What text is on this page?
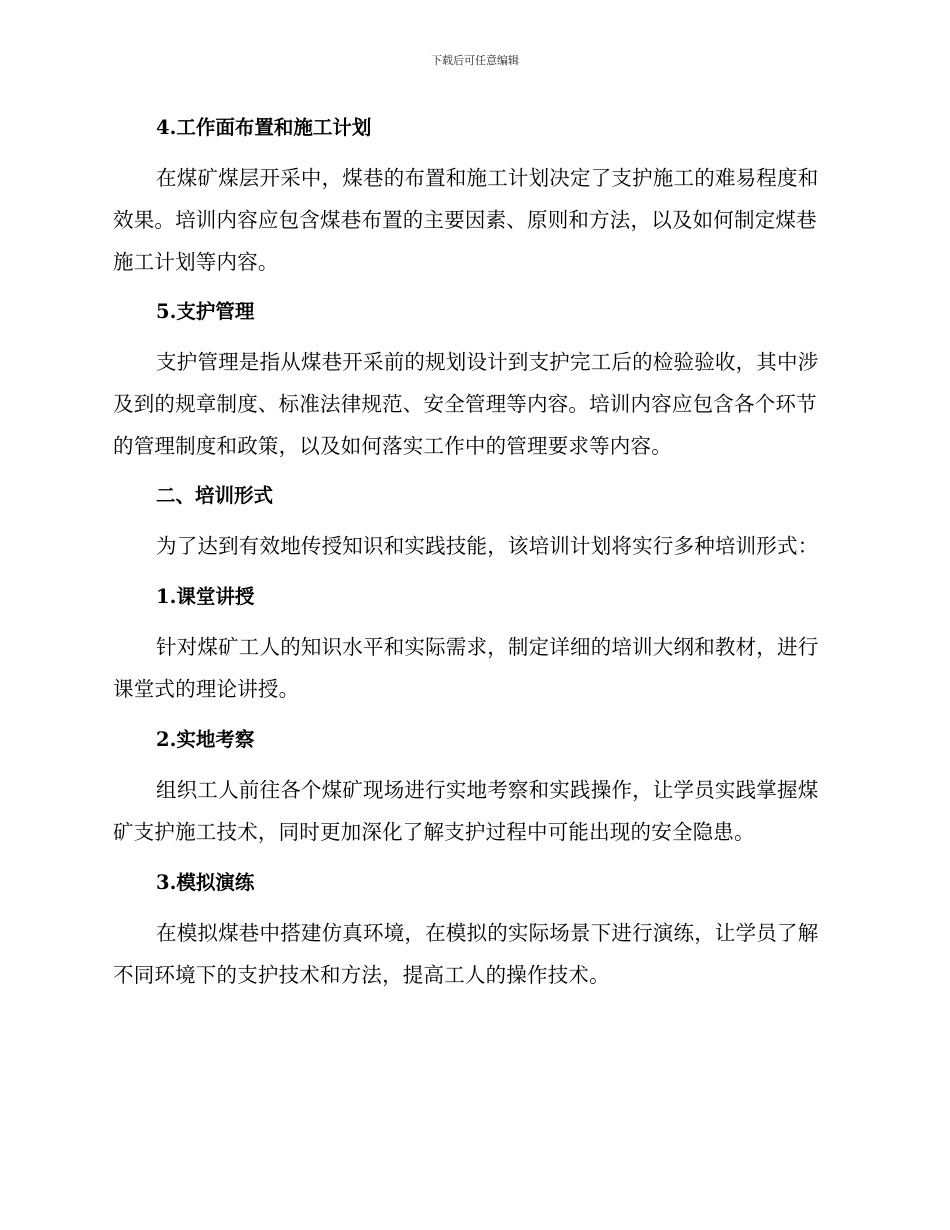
下载后可任意编辑
4.工作面布置和施工计划
在煤矿煤层开采中，煤巷的布置和施工计划决定了支护施工的难易程度和效果。培训内容应包含煤巷布置的主要因素、原则和方法，以及如何制定煤巷施工计划等内容。
5.支护管理
支护管理是指从煤巷开采前的规划设计到支护完工后的检验验收，其中涉及到的规章制度、标准法律规范、安全管理等内容。培训内容应包含各个环节的管理制度和政策，以及如何落实工作中的管理要求等内容。
二、培训形式
为了达到有效地传授知识和实践技能，该培训计划将实行多种培训形式：
1.课堂讲授
针对煤矿工人的知识水平和实际需求，制定详细的培训大纲和教材，进行课堂式的理论讲授。
2.实地考察
组织工人前往各个煤矿现场进行实地考察和实践操作，让学员实践掌握煤矿支护施工技术，同时更加深化了解支护过程中可能出现的安全隐患。
3.模拟演练
在模拟煤巷中搭建仿真环境，在模拟的实际场景下进行演练，让学员了解不同环境下的支护技术和方法，提高工人的操作技术。
